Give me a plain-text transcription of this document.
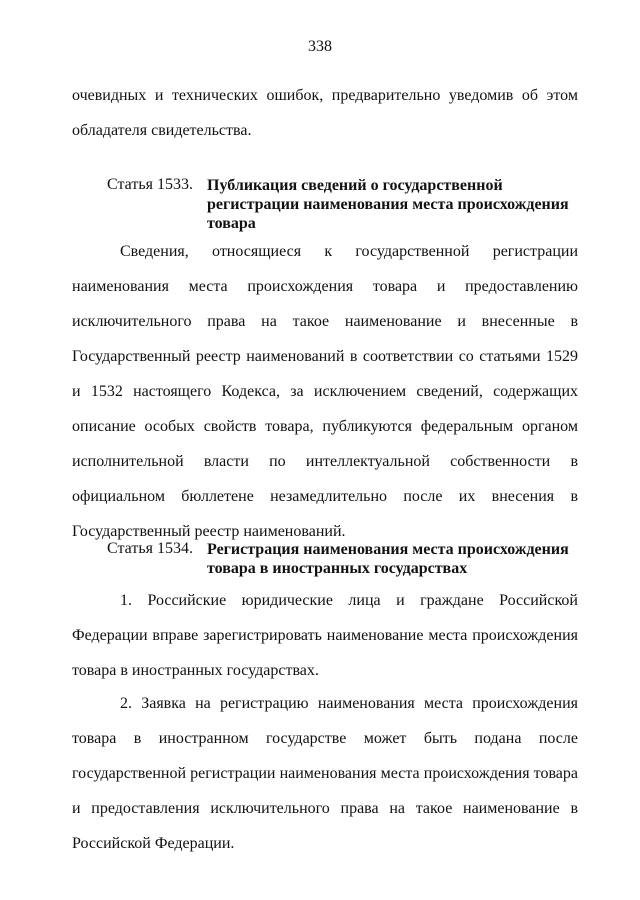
338
очевидных и технических ошибок, предварительно уведомив об этом обладателя свидетельства.
Статья 1533. Публикация сведений о государственной регистрации наименования места происхождения товара
Сведения, относящиеся к государственной регистрации наименования места происхождения товара и предоставлению исключительного права на такое наименование и внесенные в Государственный реестр наименований в соответствии со статьями 1529 и 1532 настоящего Кодекса, за исключением сведений, содержащих описание особых свойств товара, публикуются федеральным органом исполнительной власти по интеллектуальной собственности в официальном бюллетене незамедлительно после их внесения в Государственный реестр наименований.
Статья 1534. Регистрация наименования места происхождения товара в иностранных государствах
1. Российские юридические лица и граждане Российской Федерации вправе зарегистрировать наименование места происхождения товара в иностранных государствах.
2. Заявка на регистрацию наименования места происхождения товара в иностранном государстве может быть подана после государственной регистрации наименования места происхождения товара и предоставления исключительного права на такое наименование в Российской Федерации.
